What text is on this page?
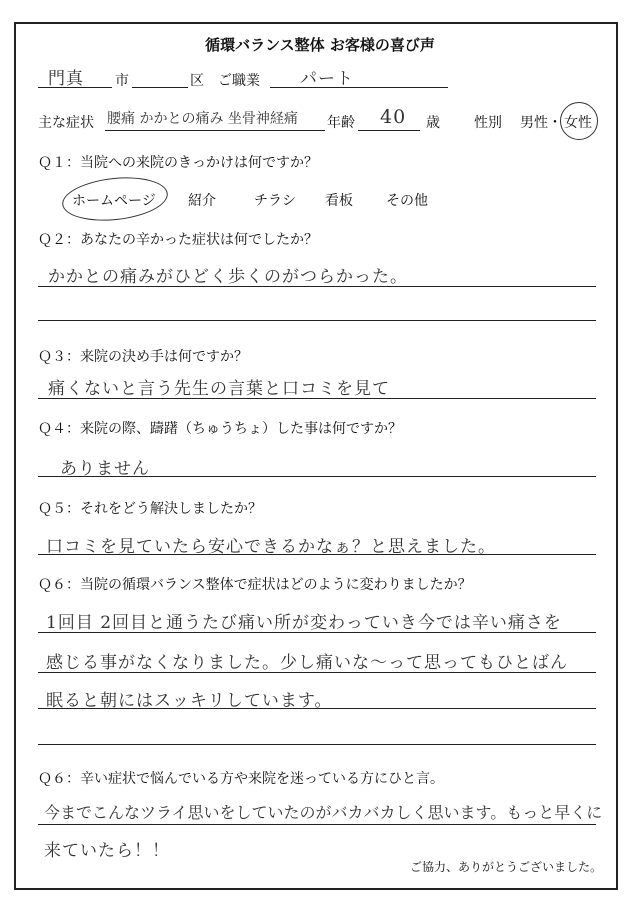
循環バランス整体 お客様の喜び声
門真 市	区 ご職業 パート
主な症状 腰痛 かかとの痛み 坐骨神経痛 年齢 40 歳 性別 男性 ・ 女性
Ｑ１：当院への来院のきっかけは何ですか？
ホームページ 紹介	チラシ 看板 その他
Ｑ２：あなたの辛かった症状は何でしたか？
かかとの痛みがひどく歩くのがつらかった。
Ｑ３：来院の決め手は何ですか？
痛くないと言う先生の言葉と口コミを見て
Ｑ４：来院の際、躊躇（ちゅうちょ）した事は何ですか？
ありません
Ｑ５：それをどう解決しましたか？
口コミを見ていたら安心できるかなぁ？と思えました。
Ｑ６：当院の循環バランス整体で症状はどのように変わりましたか？
1回目 2回目と通うたび痛い所が変わっていき今では辛い痛さを
感じる事がなくなりました。少し痛いな〜って思ってもひとばん
眠ると朝にはスッキリしています。
Ｑ６：辛い症状で悩んでいる方や来院を迷っている方にひと言。
今までこんなツライ思いをしていたのがバカバカしく思います。もっと早くに
来ていたら！！
ご協力、ありがとうございました。
